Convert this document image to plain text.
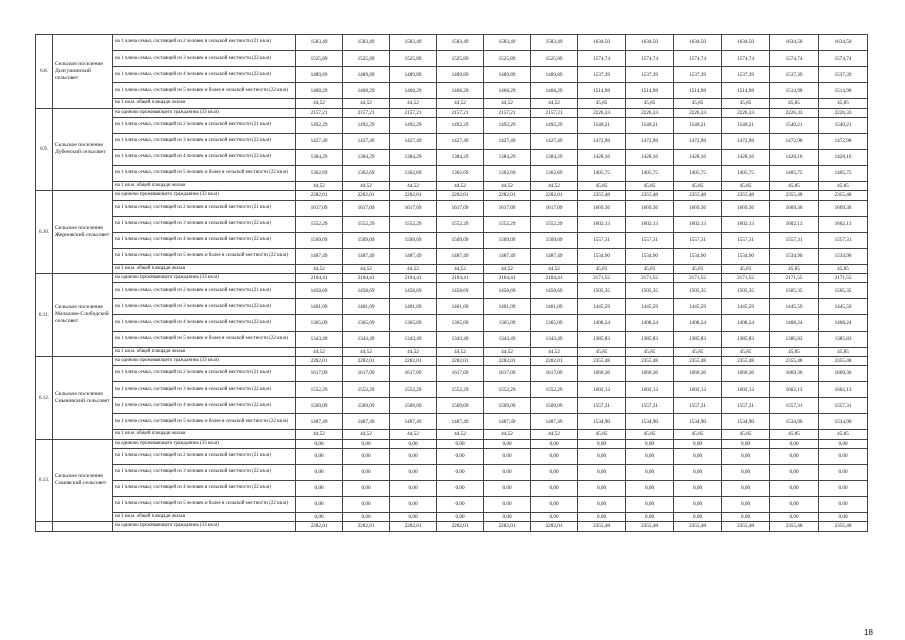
6.8.	Сельское поселение Долгушинский сельсовет	на 1 члена семьи, состоящей из 2 человек в сельской местности (21 кв.м)	1583,49	1583,49	1583,49	1583,49	1583,49	1583,49	1634,50	1634,50	1634,50	1634,50	1634,50	1634,50
		на 1 члена семьи, состоящей из 3 человек в сельской местности (22 кв.м)	1525,89	1525,89	1525,89	1525,89	1525,89	1525,89	1574,74	1574,74	1574,74	1574,74	1574,74	1574,74
		на 1 члена семьи, состоящей из 4 человек в сельской местности (22 кв.м)	1489,89	1489,89	1489,89	1489,89	1489,89	1489,89	1537,39	1537,39	1537,39	1537,39	1537,39	1537,39
		на 1 члена семьи, состоящей из 5 человек и более в сельской местности (22 кв.м)	1468,29	1468,29	1468,29	1468,29	1468,29	1468,29	1514,98	1514,98	1514,98	1514,98	1514,98	1514,98
		на 1 кв.м. общей площади жилья	44,52	44,52	44,52	44,52	44,52	44,52	45,85	45,85	45,85	45,85	45,85	45,85
6.9.	Сельское поселение Дубенский сельсовет	на одиноко проживающего гражданина (33 кв.м)	2157,21	2157,21	2157,21	2157,21	2157,21	2157,21	2226,33	2226,33	2226,33	2226,33	2226,33	2226,33
		на 1 члена семьи, состоящей из 2 человек в сельской местности (21 кв.м)	1492,29	1492,29	1492,29	1492,29	1492,29	1492,29	1540,21	1540,21	1540,21	1540,21	1540,21	1540,21
		на 1 члена семьи, состоящей из 3 человек в сельской местности (22 кв.м)	1427,49	1427,49	1427,49	1427,49	1427,49	1427,49	1472,98	1472,98	1472,98	1472,98	1472,98	1472,98
		на 1 члена семьи, состоящей из 4 человек в сельской местности (22 кв.м)	1384,29	1384,29	1384,29	1384,29	1384,29	1384,29	1428,16	1428,16	1428,16	1428,16	1428,16	1428,16
		на 1 члена семьи, состоящей из 5 человек и более в сельской местности (22 кв.м)	1362,69	1362,69	1362,69	1362,69	1362,69	1362,69	1405,75	1405,75	1405,75	1405,75	1405,75	1405,75
		на 1 кв.м. общей площади жилья	44,52	44,52	44,52	44,52	44,52	44,52	45,85	45,85	45,85	45,85	45,85	45,85
6.10.	Сельское поселение Жерновский сельсовет	на одиноко проживающего гражданина (33 кв.м)	2282,01	2282,01	2282,01	2282,01	2282,01	2282,01	2355,48	2355,48	2355,48	2355,48	2355,48	2355,48
		на 1 члена семьи, состоящей из 2 человек в сельской местности (21 кв.м)	1617,09	1617,09	1617,09	1617,09	1617,09	1617,09	1669,36	1669,36	1669,36	1669,36	1669,36	1669,36
		на 1 члена семьи, состоящей из 3 человек в сельской местности (22 кв.м)	1552,29	1552,29	1552,29	1552,29	1552,29	1552,29	1602,13	1602,13	1602,13	1602,13	1602,13	1602,13
		на 1 члена семьи, состоящей из 4 человек в сельской местности (22 кв.м)	1509,09	1509,09	1509,09	1509,09	1509,09	1509,09	1557,31	1557,31	1557,31	1557,31	1557,31	1557,31
		на 1 члена семьи, состоящей из 5 человек и более в сельской местности (22 кв.м)	1487,49	1487,49	1487,49	1487,49	1487,49	1487,49	1534,90	1534,90	1534,90	1534,90	1534,90	1534,90
		на 1 кв.м. общей площади жилья	44,52	44,52	44,52	44,52	44,52	44,52	45,85	45,85	45,85	45,85	45,85	45,85
6.11.	Сельское поселение Малахово-Слободской сельсовет	на одиноко проживающего гражданина (33 кв.м)	2104,41	2104,41	2104,41	2104,41	2104,41	2104,41	2171,55	2171,55	2171,55	2171,55	2171,55	2171,55
		на 1 члена семьи, состоящей из 2 человек в сельской местности (21 кв.м)	1458,69	1458,69	1458,69	1458,69	1458,69	1458,69	1505,35	1505,35	1505,35	1505,35	1505,35	1505,35
		на 1 члена семьи, состоящей из 3 человек в сельской местности (22 кв.м)	1401,09	1401,09	1401,09	1401,09	1401,09	1401,09	1445,59	1445,59	1445,59	1445,59	1445,59	1445,59
		на 1 члена семьи, состоящей из 4 человек в сельской местности (22 кв.м)	1365,09	1365,09	1365,09	1365,09	1365,09	1365,09	1408,24	1408,24	1408,24	1408,24	1408,24	1408,24
		на 1 члена семьи, состоящей из 5 человек и более в сельской местности (22 кв.м)	1343,49	1343,49	1343,49	1343,49	1343,49	1343,49	1385,83	1385,83	1385,83	1385,83	1385,83	1385,83
		на 1 кв.м. общей площади жилья	44,52	44,52	44,52	44,52	44,52	44,52	45,85	45,85	45,85	45,85	45,85	45,85
6.12.	Сельское поселение Сныновский сельсовет	на одиноко проживающего гражданина (33 кв.м)	2282,01	2282,01	2282,01	2282,01	2282,01	2282,01	2355,48	2355,48	2355,48	2355,48	2355,48	2355,48
		на 1 члена семьи, состоящей из 2 человек в сельской местности (21 кв.м)	1617,09	1617,09	1617,09	1617,09	1617,09	1617,09	1669,36	1669,36	1669,36	1669,36	1669,36	1669,36
		на 1 члена семьи, состоящей из 3 человек в сельской местности (22 кв.м)	1552,29	1552,29	1552,29	1552,29	1552,29	1552,29	1602,13	1602,13	1602,13	1602,13	1602,13	1602,13
		на 1 члена семьи, состоящей из 4 человек в сельской местности (22 кв.м)	1509,09	1509,09	1509,09	1509,09	1509,09	1509,09	1557,31	1557,31	1557,31	1557,31	1557,31	1557,31
		на 1 члена семьи, состоящей из 5 человек и более в сельской местности (22 кв.м)	1487,49	1487,49	1487,49	1487,49	1487,49	1487,49	1534,90	1534,90	1534,90	1534,90	1534,90	1534,90
		на 1 кв.м. общей площади жилья	44,52	44,52	44,52	44,52	44,52	44,52	45,85	45,85	45,85	45,85	45,85	45,85
6.13.	Сельское поселение Сомовский сельсовет	на одиноко проживающего гражданина (33 кв.м)	0,00	0,00	0,00	0,00	0,00	0,00	0,00	0,00	0,00	0,00	0,00	0,00
		на 1 члена семьи, состоящей из 2 человек в сельской местности (21 кв.м)	0,00	0,00	0,00	0,00	0,00	0,00	0,00	0,00	0,00	0,00	0,00	0,00
		на 1 члена семьи, состоящей из 3 человек в сельской местности (22 кв.м)	0,00	0,00	0,00	0,00	0,00	0,00	0,00	0,00	0,00	0,00	0,00	0,00
		на 1 члена семьи, состоящей из 4 человек в сельской местности (22 кв.м)	0,00	0,00	0,00	0,00	0,00	0,00	0,00	0,00	0,00	0,00	0,00	0,00
		на 1 члена семьи, состоящей из 5 человек и более в сельской местности (22 кв.м)	0,00	0,00	0,00	0,00	0,00	0,00	0,00	0,00	0,00	0,00	0,00	0,00
		на 1 кв.м. общей площади жилья	0,00	0,00	0,00	0,00	0,00	0,00	0,00	0,00	0,00	0,00	0,00	0,00
		на одиноко проживающего гражданина (33 кв.м)	2282,01	2282,01	2282,01	2282,01	2282,01	2282,01	2355,48	2355,48	2355,48	2355,48	2355,48	2355,48
18
